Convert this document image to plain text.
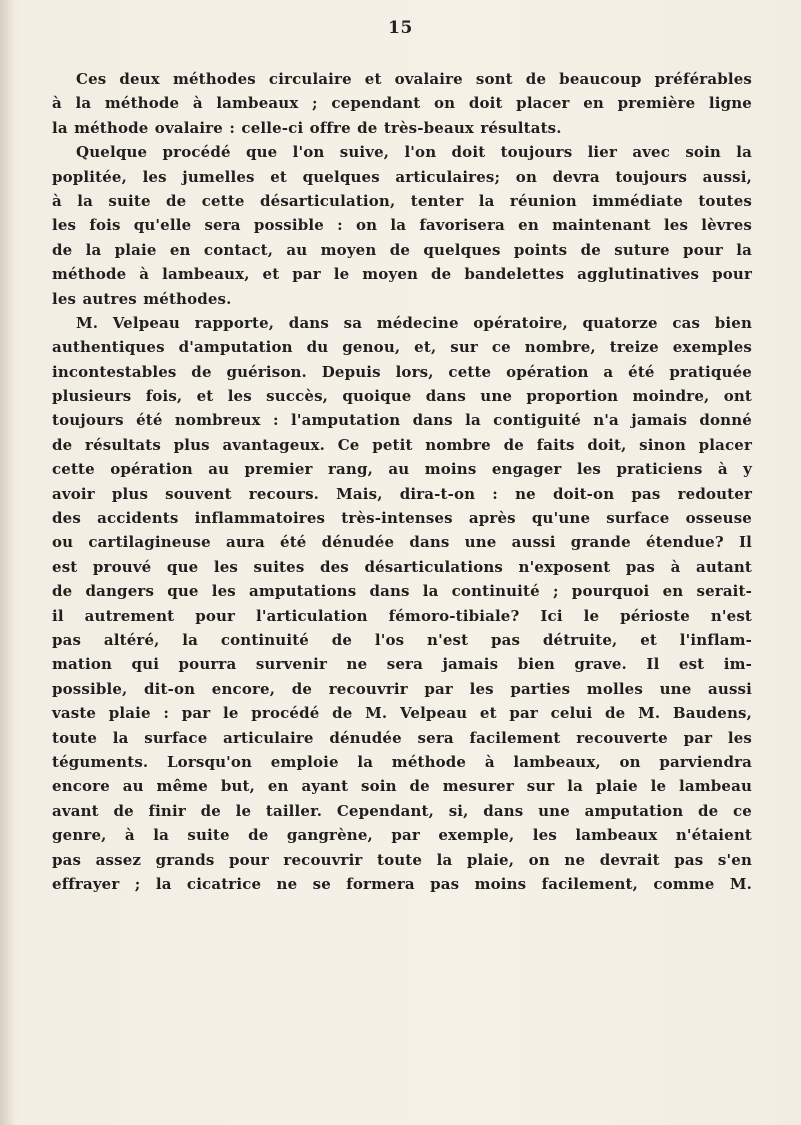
15
Ces deux méthodes circulaire et ovalaire sont de beaucoup préférables
à la méthode à lambeaux ; cependant on doit placer en première ligne
la méthode ovalaire : celle-ci offre de très-beaux résultats.
Quelque procédé que l'on suive, l'on doit toujours lier avec soin la
poplitée, les jumelles et quelques articulaires; on devra toujours aussi,
à la suite de cette désarticulation, tenter la réunion immédiate toutes
les fois qu'elle sera possible : on la favorisera en maintenant les lèvres
de la plaie en contact, au moyen de quelques points de suture pour la
méthode à lambeaux, et par le moyen de bandelettes agglutinatives pour
les autres méthodes.
M. Velpeau rapporte, dans sa médecine opératoire, quatorze cas bien
authentiques d'amputation du genou, et, sur ce nombre, treize exemples
incontestables de guérison. Depuis lors, cette opération a été pratiquée
plusieurs fois, et les succès, quoique dans une proportion moindre, ont
toujours été nombreux : l'amputation dans la contiguité n'a jamais donné
de résultats plus avantageux. Ce petit nombre de faits doit, sinon placer
cette opération au premier rang, au moins engager les praticiens à y
avoir plus souvent recours. Mais, dira-t-on : ne doit-on pas redouter
des accidents inflammatoires très-intenses après qu'une surface osseuse
ou cartilagineuse aura été dénudée dans une aussi grande étendue? Il
est prouvé que les suites des désarticulations n'exposent pas à autant
de dangers que les amputations dans la continuité ; pourquoi en serait-
il autrement pour l'articulation fémoro-tibiale? Ici le périoste n'est
pas altéré, la continuité de l'os n'est pas détruite, et l'inflam-
mation qui pourra survenir ne sera jamais bien grave. Il est im-
possible, dit-on encore, de recouvrir par les parties molles une aussi
vaste plaie : par le procédé de M. Velpeau et par celui de M. Baudens,
toute la surface articulaire dénudée sera facilement recouverte par les
téguments. Lorsqu'on emploie la méthode à lambeaux, on parviendra
encore au même but, en ayant soin de mesurer sur la plaie le lambeau
avant de finir de le tailler. Cependant, si, dans une amputation de ce
genre, à la suite de gangrène, par exemple, les lambeaux n'étaient
pas assez grands pour recouvrir toute la plaie, on ne devrait pas s'en
effrayer ; la cicatrice ne se formera pas moins facilement, comme M.
